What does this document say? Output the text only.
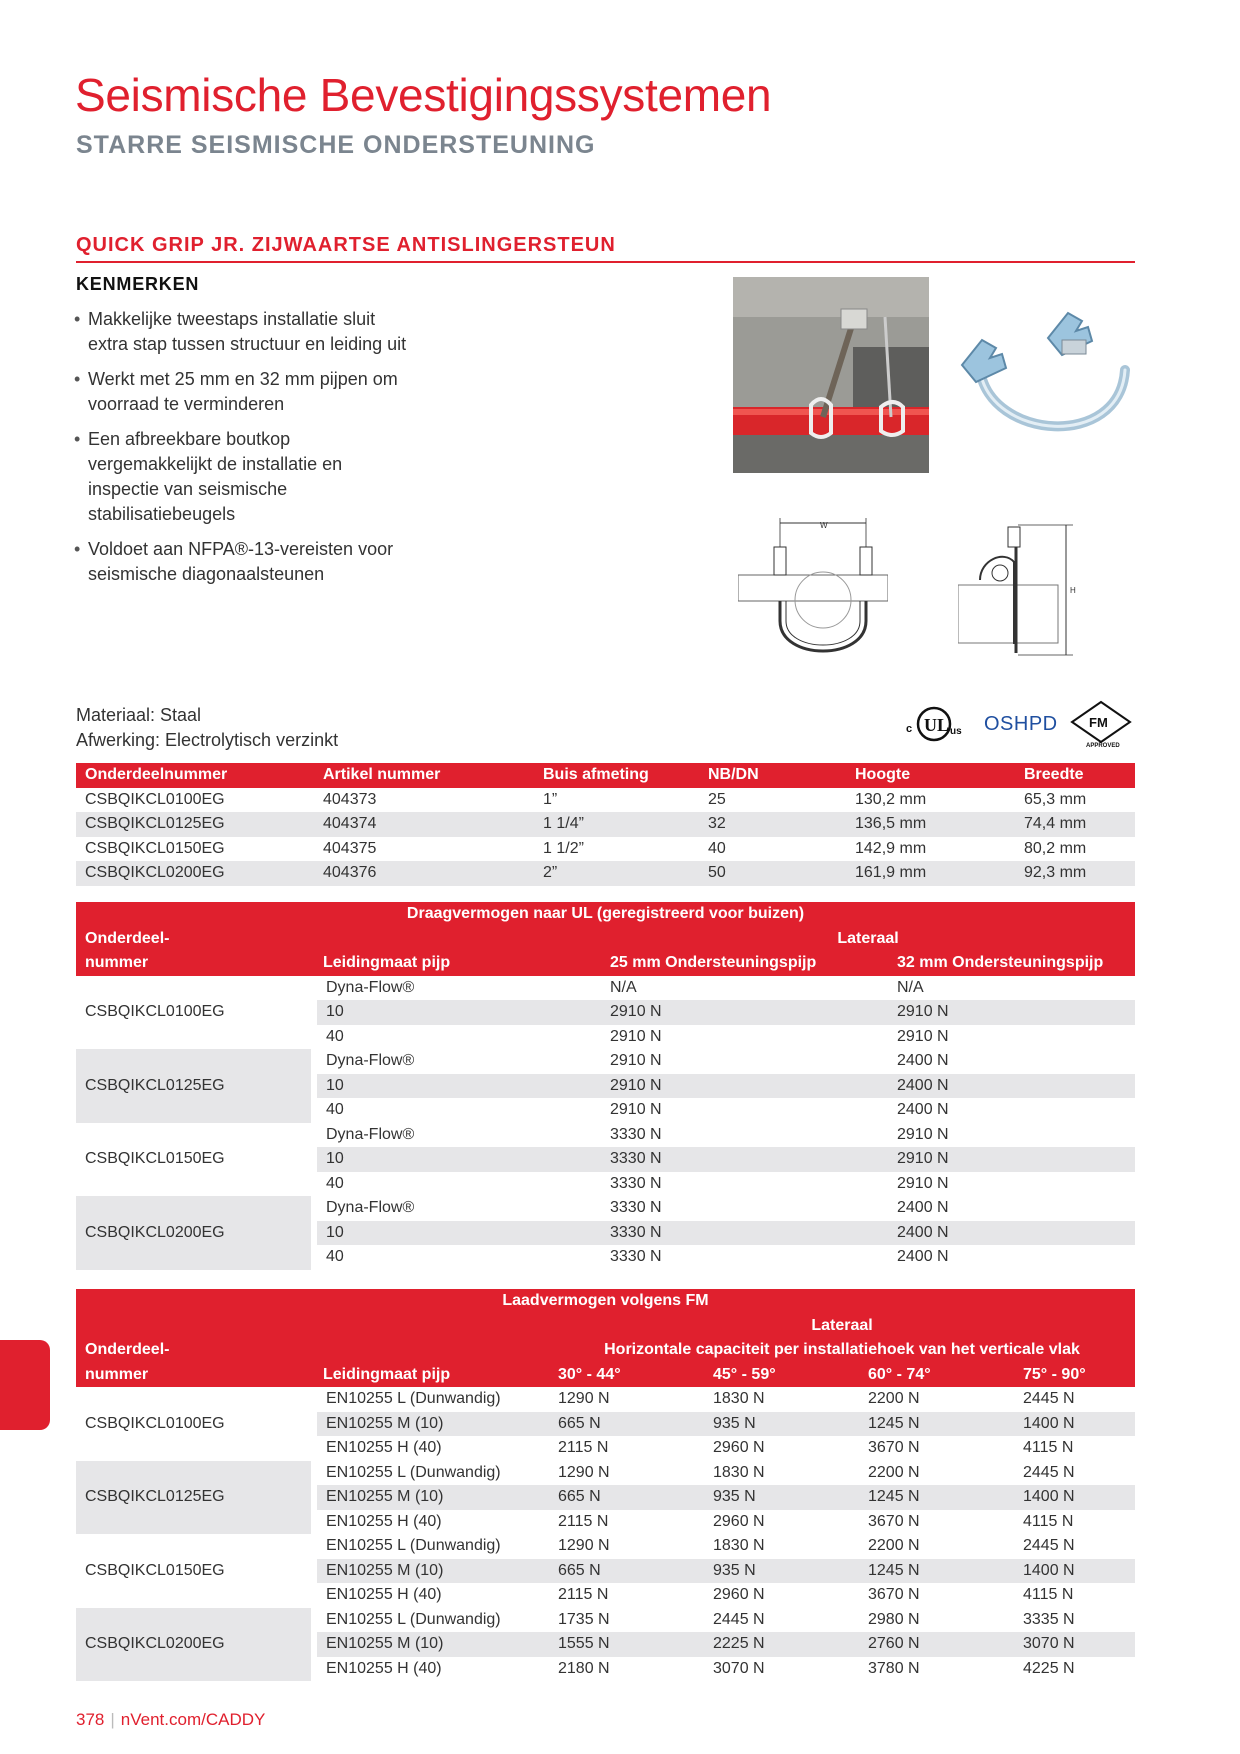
Seismische Bevestigingssystemen
STARRE SEISMISCHE ONDERSTEUNING
QUICK GRIP JR. ZIJWAARTSE ANTISLINGERSTEUN
KENMERKEN
• Makkelijke tweestaps installatie sluit extra stap tussen structuur en leiding uit
• Werkt met 25 mm en 32 mm pijpen om voorraad te verminderen
• Een afbreekbare boutkop vergemakkelijkt de installatie en inspectie van seismische stabilisatiebeugels
• Voldoet aan NFPA®-13-vereisten voor seismische diagonaalsteunen
W
H
Materiaal: Staal
Afwerking: Electrolytisch verzinkt
c UL us OSHPD FM
APPROVED
Onderdeelnummer	Artikel nummer	Buis afmeting	NB/DN	Hoogte	Breedte
CSBQIKCL0100EG	404373	1”	25	130,2 mm	65,3 mm
CSBQIKCL0125EG	404374	1 1/4”	32	136,5 mm	74,4 mm
CSBQIKCL0150EG	404375	1 1/2”	40	142,9 mm	80,2 mm
CSBQIKCL0200EG	404376	2”	50	161,9 mm	92,3 mm
Draagvermogen naar UL (geregistreerd voor buizen)			
Onderdeel-		Lateraal	
nummer	Leidingmaat pijp	25 mm Ondersteuningspijp	32 mm Ondersteuningspijp
CSBQIKCL0100EG	Dyna-Flow®	N/A	N/A
	10	2910 N	2910 N
	40	2910 N	2910 N
CSBQIKCL0125EG	Dyna-Flow®	2910 N	2400 N
	10	2910 N	2400 N
	40	2910 N	2400 N
CSBQIKCL0150EG	Dyna-Flow®	3330 N	2910 N
	10	3330 N	2910 N
	40	3330 N	2910 N
CSBQIKCL0200EG	Dyna-Flow®	3330 N	2400 N
	10	3330 N	2400 N
	40	3330 N	2400 N
Laadvermogen volgens FM					
		Lateraal			
Onderdeel-		Horizontale capaciteit per installatiehoek van het verticale vlak			
nummer	Leidingmaat pijp	30° - 44°	45° - 59°	60° - 74°	75° - 90°
CSBQIKCL0100EG	EN10255 L (Dunwandig)	1290 N	1830 N	2200 N	2445 N
	EN10255 M (10)	665 N	935 N	1245 N	1400 N
	EN10255 H (40)	2115 N	2960 N	3670 N	4115 N
CSBQIKCL0125EG	EN10255 L (Dunwandig)	1290 N	1830 N	2200 N	2445 N
	EN10255 M (10)	665 N	935 N	1245 N	1400 N
	EN10255 H (40)	2115 N	2960 N	3670 N	4115 N
CSBQIKCL0150EG	EN10255 L (Dunwandig)	1290 N	1830 N	2200 N	2445 N
	EN10255 M (10)	665 N	935 N	1245 N	1400 N
	EN10255 H (40)	2115 N	2960 N	3670 N	4115 N
CSBQIKCL0200EG	EN10255 L (Dunwandig)	1735 N	2445 N	2980 N	3335 N
	EN10255 M (10)	1555 N	2225 N	2760 N	3070 N
	EN10255 H (40)	2180 N	3070 N	3780 N	4225 N
378 | nVent.com/CADDY
